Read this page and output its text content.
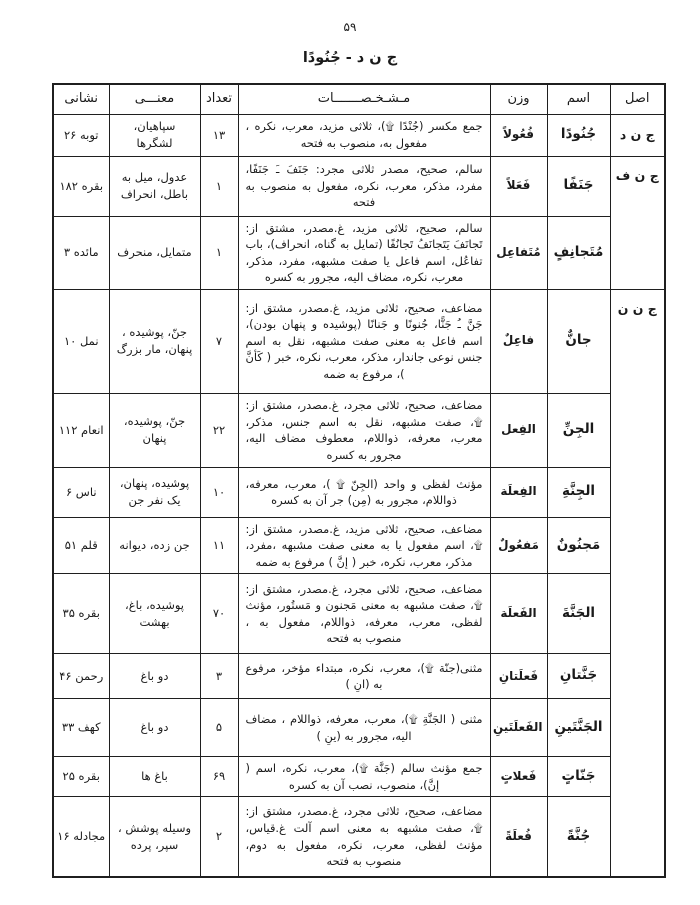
۵۹
ج ن د - جُنُودًا
اصل	اسم	وزن	مـشـخـصـــــــات	تعداد	معنـــی	نشانی
ج ن د	جُنُودًا	فُعُولاً	جمع مکسر (جُنْدًا ۩)، ثلاثی مزید، معرب، نکره ، مفعول به، منصوب به فتحه	۱۳	سپاهیان، لشگرها	توبه ۲۶
ج ن ف	جَنَفًا	فَعَلاً	سالم، صحیح، مصدر ثلاثی مجرد: جَنَفَ ـَ جَنَفًا، مفرد، مذکر، معرب، نکره، مفعول به منصوب به فتحه	۱	عدول، میل به باطل، انحراف	بقره ۱۸۲
	مُتَجانِفٍ	مُتَفاعِل	سالم، صحیح، ثلاثی مزید، غ.مصدر، مشتق از: تَجانَفَ یَتَجانَفُ تَجانُفًا (تمایل به گناه، انحراف)، باب تفاعُل، اسم فاعل یا صفت مشبهه، مفرد، مذکر، معرب، نکره، مضاف الیه، مجرور به کسره	۱	متمایل، منحرف	مائده ۳
ج ن ن	جانٌّ	فاعِلٌ	مضاعف، صحیح، ثلاثی مزید، غ.مصدر، مشتق از: جَنَّ ـُ جَنًّا، جُنونًا و جَنانًا (پوشیده و پنهان بودن)، اسم فاعل به معنی صفت مشبهه، نقل به اسم جنس نوعی جاندار، مذکر، معرب، نکره، خبر ( کَأنَّ )، مرفوع به ضمه	۷	جنّ، پوشیده ، پنهان، مار بزرگ	نمل ۱۰
	الجِنِّ	الفِعل	مضاعف، صحیح، ثلاثی مجرد، غ.مصدر، مشتق از: ۩، صفت مشبهه، نقل به اسم جنس، مذکر، معرب، معرفه، ذواللام، معطوف مضاف الیه، مجرور به کسره	۲۲	جنّ، پوشیده، پنهان	انعام ۱۱۲
	الجِنَّةِ	الفِعلَة	مؤنث لفظی و واحد (الجِنّ ۩ )، معرب، معرفه، ذواللام، مجرور به (مِن) جر آن به کسره	۱۰	پوشیده، پنهان، یک نفر جن	ناس ۶
	مَجنُونٌ	مَفعُولٌ	مضاعف، صحیح، ثلاثی مزید، غ.مصدر، مشتق از: ۩، اسم مفعول یا به معنی صفت مشبهه ،مفرد، مذکر، معرب، نکره، خبر ( إنَّ ) مرفوع به ضمه	۱۱	جن زده، دیوانه	قلم ۵۱
	الجَنَّةَ	الفَعلَة	مضاعف، صحیح، ثلاثی مجرد، غ.مصدر، مشتق از: ۩، صفت مشبهه به معنی مَجنون و مَستُور، مؤنث لفظی، معرب، معرفه، ذواللام، مفعول به ، منصوب به فتحه	۷۰	پوشیده، باغ، بهشت	بقره ۳۵
	جَنَّتانِ	فَعلَتانِ	مثنی(جنّة ۩)، معرب، نکره، مبتداء مؤخر، مرفوع به (انِ )	۳	دو باغ	رحمن ۴۶
	الجَنَّتَینِ	الفَعلَتَینِ	مثنی ( الجَنَّةِ ۩)، معرب، معرفه، ذواللام ، مضاف الیه، مجرور به (ینِ )	۵	دو باغ	کهف ۳۳
	جَنّاتٍ	فَعلاتٍ	جمع مؤنث سالم (جَنَّة ۩)، معرب، نکره، اسم ( إنَّ)، منصوب، نصب آن به کسره	۶۹	باغ ها	بقره ۲۵
	جُنَّةً	فُعلَةً	مضاعف، صحیح، ثلاثی مجرد، غ.مصدر، مشتق از: ۩، صفت مشبهه به معنی اسم آلت غ.قیاس، مؤنث لفظی، معرب، نکره، مفعول به دوم، منصوب به فتحه	۲	وسیله پوشش ، سپر، پرده	مجادله ۱۶
